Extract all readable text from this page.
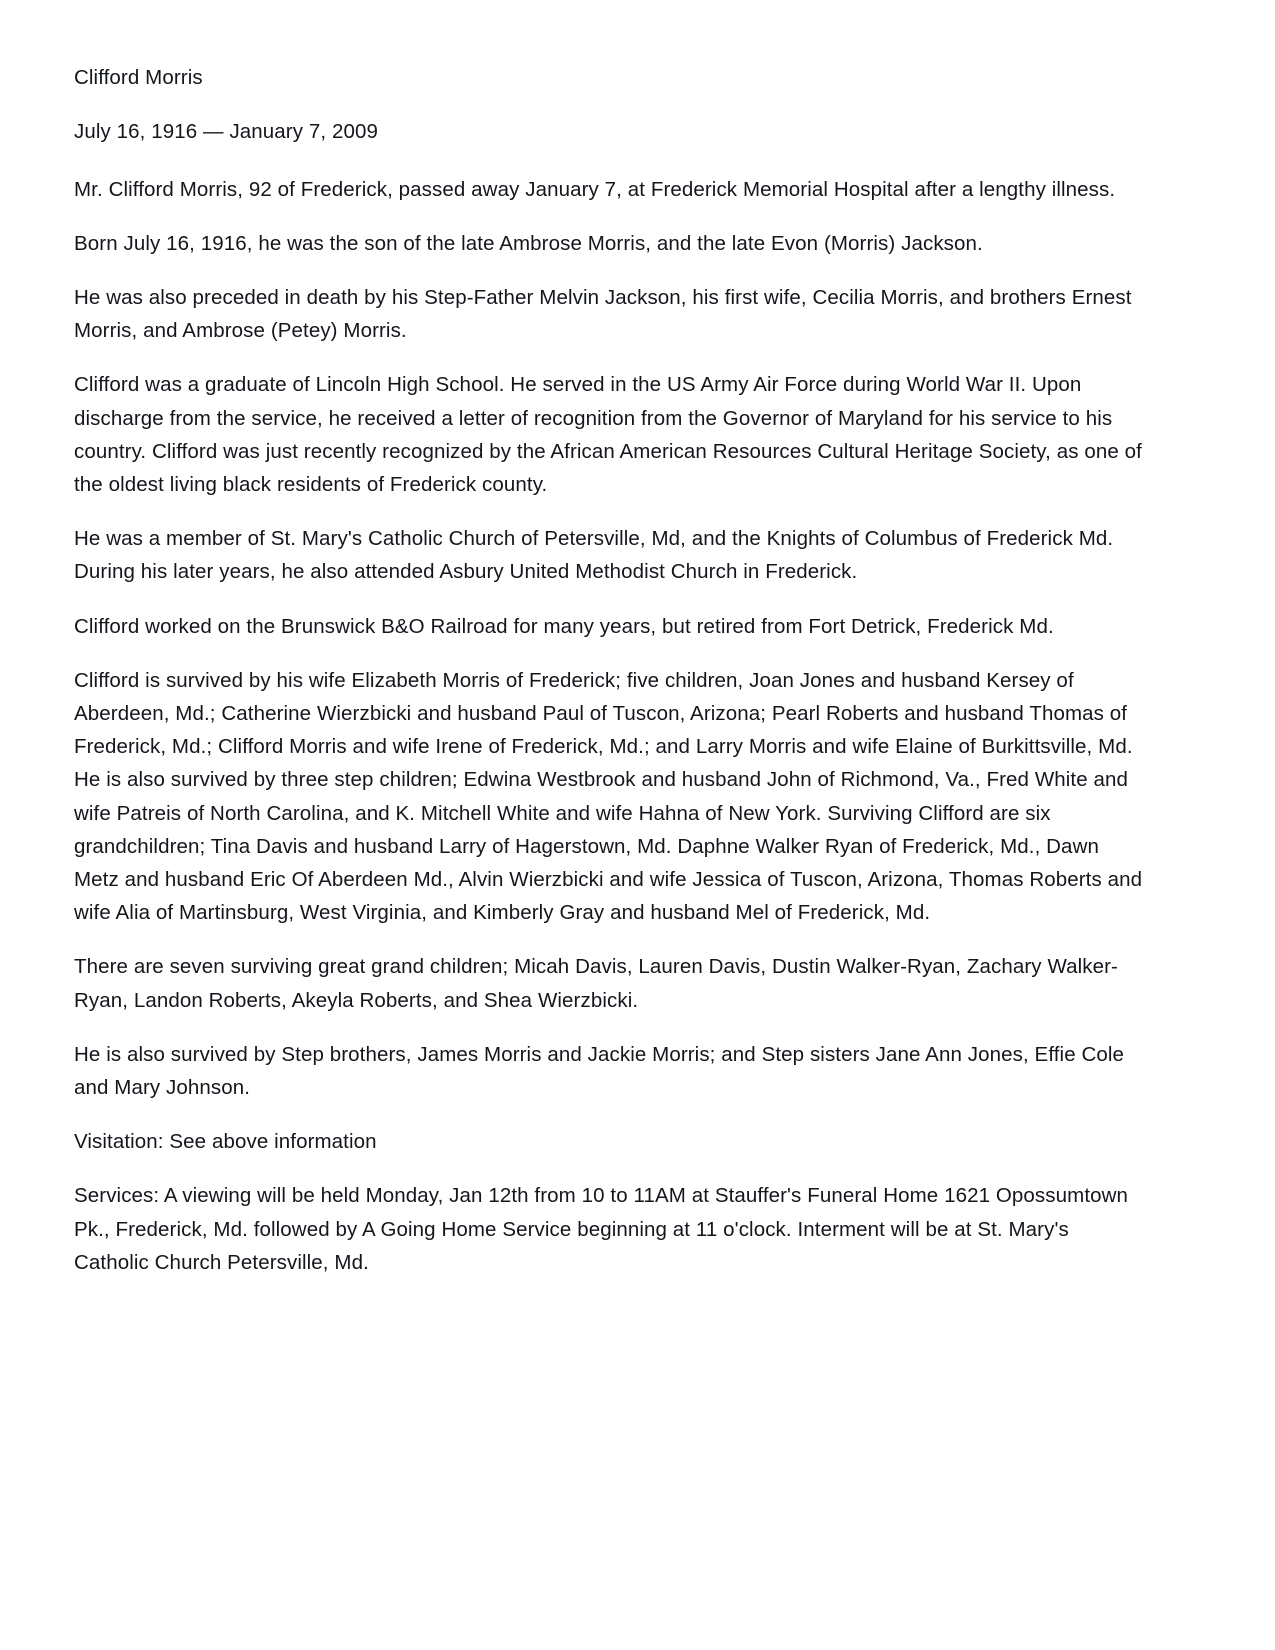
Clifford Morris

July 16, 1916 — January 7, 2009

Mr. Clifford Morris, 92 of Frederick, passed away January 7, at Frederick Memorial Hospital after a lengthy illness.

Born July 16, 1916, he was the son of the late Ambrose Morris, and the late Evon (Morris) Jackson.

He was also preceded in death by his Step-Father Melvin Jackson, his first wife, Cecilia Morris, and brothers Ernest Morris, and Ambrose (Petey) Morris.

Clifford was a graduate of Lincoln High School. He served in the US Army Air Force during World War II. Upon discharge from the service, he received a letter of recognition from the Governor of Maryland for his service to his country. Clifford was just recently recognized by the African American Resources Cultural Heritage Society, as one of the oldest living black residents of Frederick county.

He was a member of St. Mary's Catholic Church of Petersville, Md, and the Knights of Columbus of Frederick Md. During his later years, he also attended Asbury United Methodist Church in Frederick.

Clifford worked on the Brunswick B&O Railroad for many years, but retired from Fort Detrick, Frederick Md.

Clifford is survived by his wife Elizabeth Morris of Frederick; five children, Joan Jones and husband Kersey of Aberdeen, Md.; Catherine Wierzbicki and husband Paul of Tuscon, Arizona; Pearl Roberts and husband Thomas of Frederick, Md.; Clifford Morris and wife Irene of Frederick, Md.; and Larry Morris and wife Elaine of Burkittsville, Md. He is also survived by three step children; Edwina Westbrook and husband John of Richmond, Va., Fred White and wife Patreis of North Carolina, and K. Mitchell White and wife Hahna of New York. Surviving Clifford are six grandchildren; Tina Davis and husband Larry of Hagerstown, Md. Daphne Walker Ryan of Frederick, Md., Dawn Metz and husband Eric Of Aberdeen Md., Alvin Wierzbicki and wife Jessica of Tuscon, Arizona, Thomas Roberts and wife Alia of Martinsburg, West Virginia, and Kimberly Gray and husband Mel of Frederick, Md.

There are seven surviving great grand children; Micah Davis, Lauren Davis, Dustin Walker-Ryan, Zachary Walker-Ryan, Landon Roberts, Akeyla Roberts, and Shea Wierzbicki.

He is also survived by Step brothers, James Morris and Jackie Morris; and Step sisters Jane Ann Jones, Effie Cole and Mary Johnson.

Visitation: See above information

Services: A viewing will be held Monday, Jan 12th from 10 to 11AM at Stauffer's Funeral Home 1621 Opossumtown Pk., Frederick, Md. followed by A Going Home Service beginning at 11 o'clock. Interment will be at St. Mary's Catholic Church Petersville, Md.
